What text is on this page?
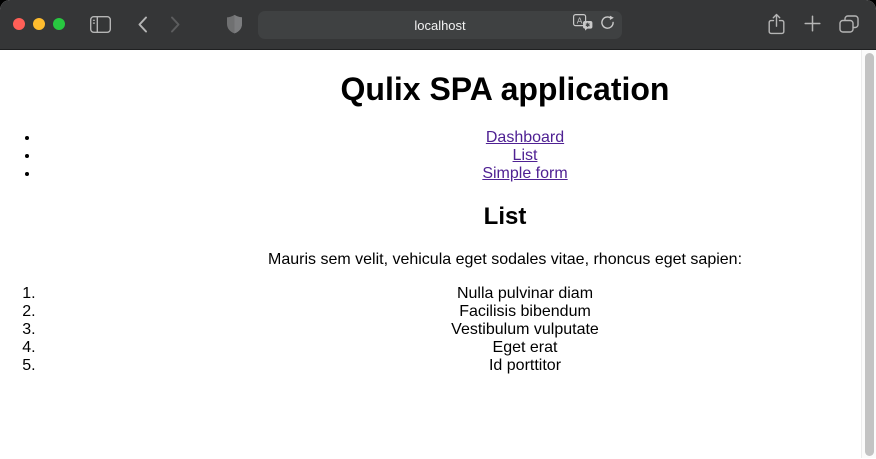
localhost	A
Qulix SPA application
• Dashboard
• List
• Simple form
List

Mauris sem velit, vehicula eget sodales vitae, rhoncus eget sapien:

1. Nulla pulvinar diam
2. Facilisis bibendum
3. Vestibulum vulputate
4. Eget erat
5. Id porttitor
